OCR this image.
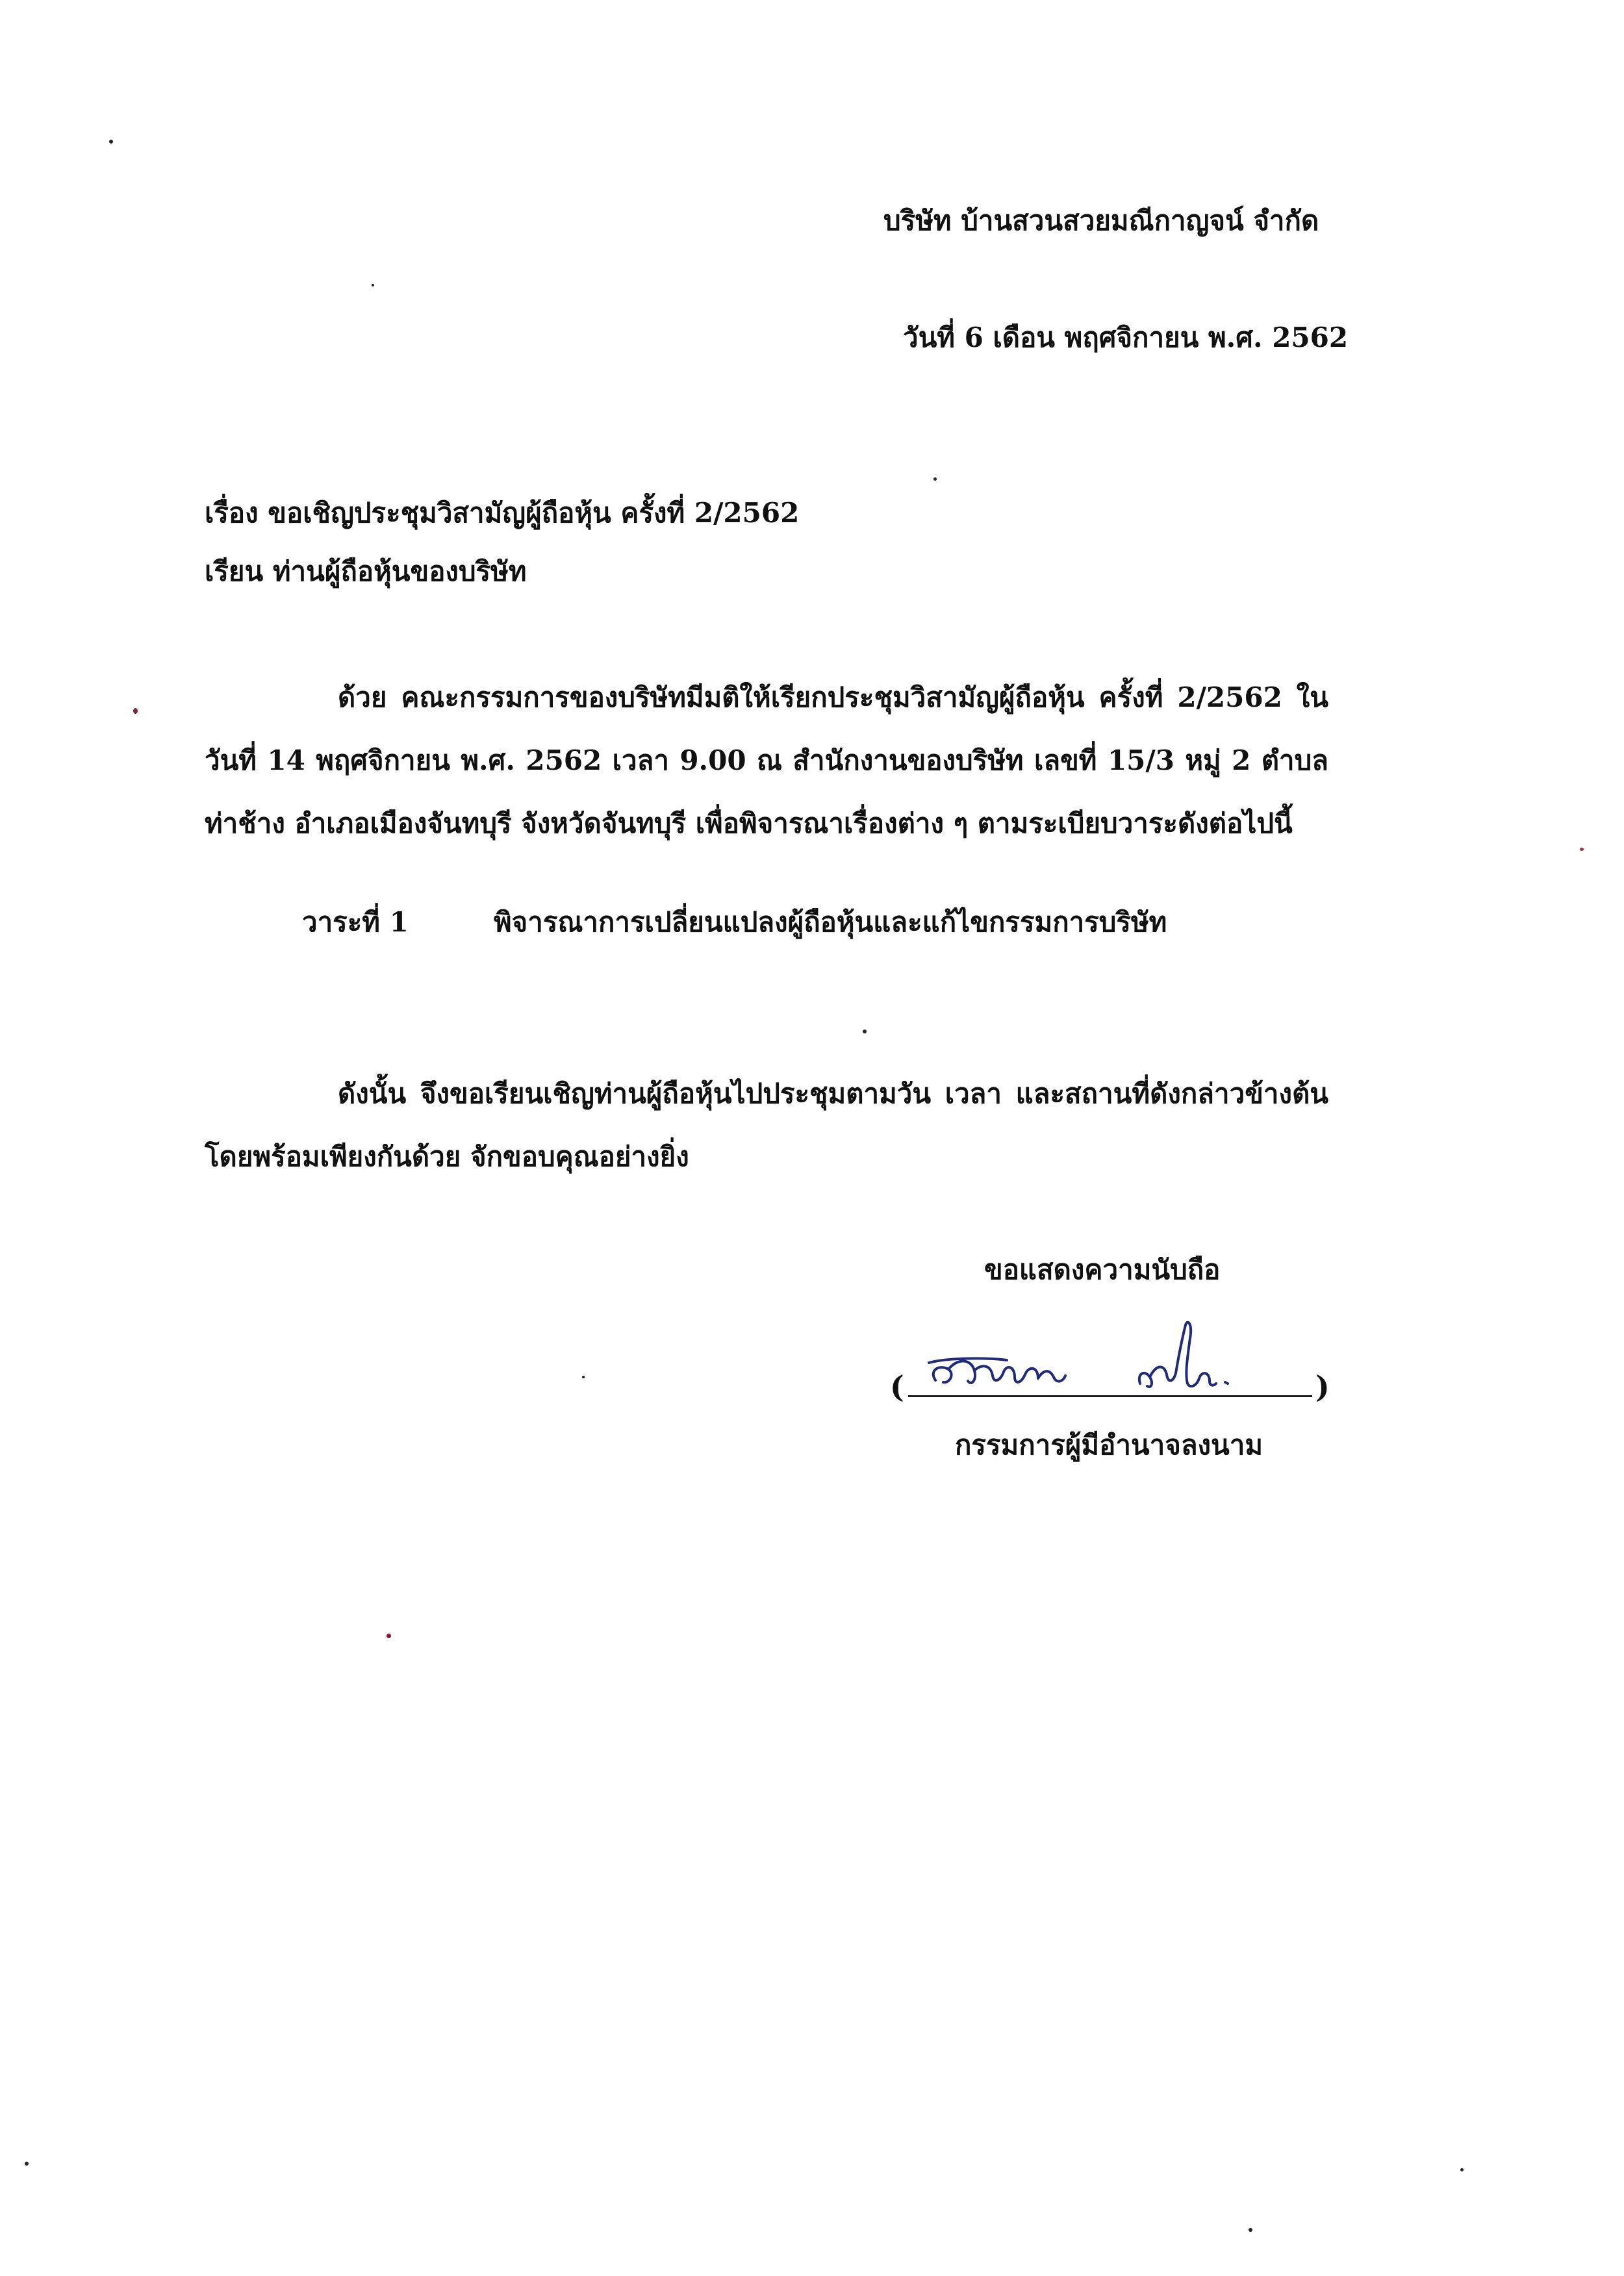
บริษัท บ้านสวนสวยมณีกาญจน์ จำกัด
วันที่ 6 เดือน พฤศจิกายน พ.ศ. 2562
เรื่อง ขอเชิญประชุมวิสามัญผู้ถือหุ้น ครั้งที่ 2/2562
เรียน ท่านผู้ถือหุ้นของบริษัท
ด้วย คณะกรรมการของบริษัทมีมติให้เรียกประชุมวิสามัญผู้ถือหุ้น ครั้งที่ 2/2562 ในวันที่ 14 พฤศจิกายน พ.ศ. 2562 เวลา 9.00 ณ สำนักงานของบริษัท เลขที่ 15/3 หมู่ 2 ตำบลท่าช้าง อำเภอเมืองจันทบุรี จังหวัดจันทบุรี เพื่อพิจารณาเรื่องต่าง ๆ ตามระเบียบวาระดังต่อไปนี้
วาระที่ 1	พิจารณาการเปลี่ยนแปลงผู้ถือหุ้นและแก้ไขกรรมการบริษัท
ดังนั้น จึงขอเรียนเชิญท่านผู้ถือหุ้นไปประชุมตามวัน เวลา และสถานที่ดังกล่าวข้างต้นโดยพร้อมเพียงกันด้วย จักขอบคุณอย่างยิ่ง
ขอแสดงความนับถือ
(	)
กรรมการผู้มีอำนาจลงนาม
